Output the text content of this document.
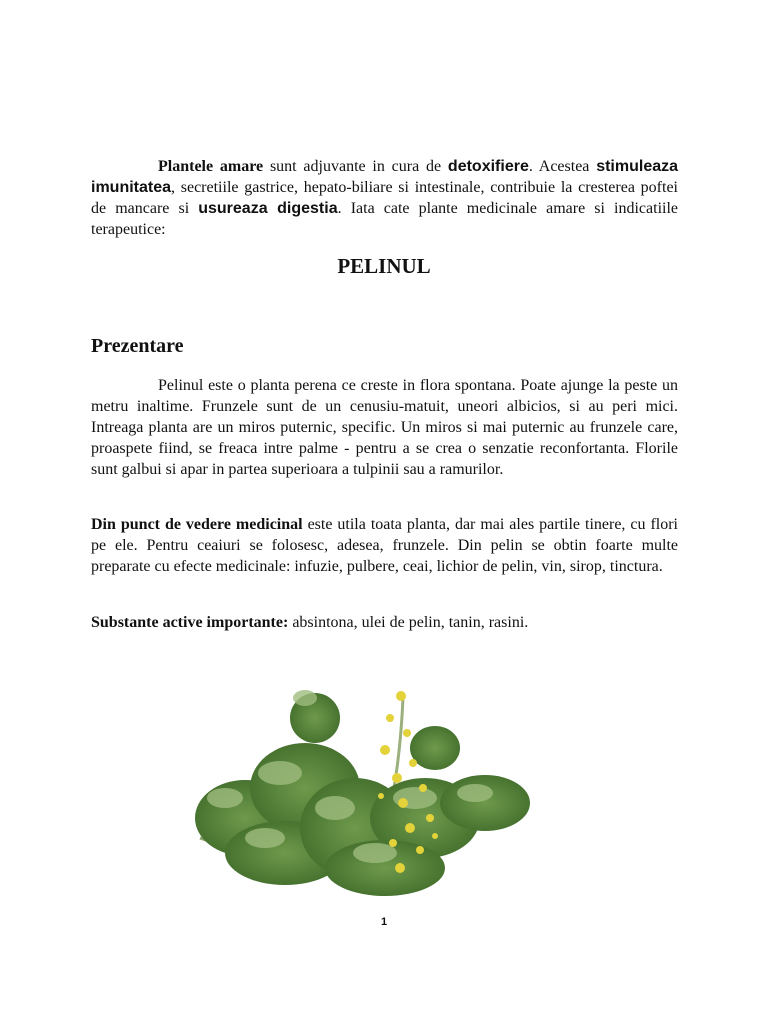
Plantele amare sunt adjuvante in cura de detoxifiere. Acestea stimuleaza imunitatea, secretiile gastrice, hepato-biliare si intestinale, contribuie la cresterea poftei de mancare si usureaza digestia. Iata cate plante medicinale amare si indicatiile terapeutice:

PELINUL
Prezentare

Pelinul este o planta perena ce creste in flora spontana. Poate ajunge la peste un metru inaltime. Frunzele sunt de un cenusiu-matuit, uneori albicios, si au peri mici. Intreaga planta are un miros puternic, specific. Un miros si mai puternic au frunzele care, proaspete fiind, se freaca intre palme - pentru a se crea o senzatie reconfortanta. Florile sunt galbui si apar in partea superioara a tulpinii sau a ramurilor.

Din punct de vedere medicinal este utila toata planta, dar mai ales partile tinere, cu flori pe ele. Pentru ceaiuri se folosesc, adesea, frunzele. Din pelin se obtin foarte multe preparate cu efecte medicinale: infuzie, pulbere, ceai, lichior de pelin, vin, sirop, tinctura.

Substante active importante: absintona, ulei de pelin, tanin, rasini.

1
